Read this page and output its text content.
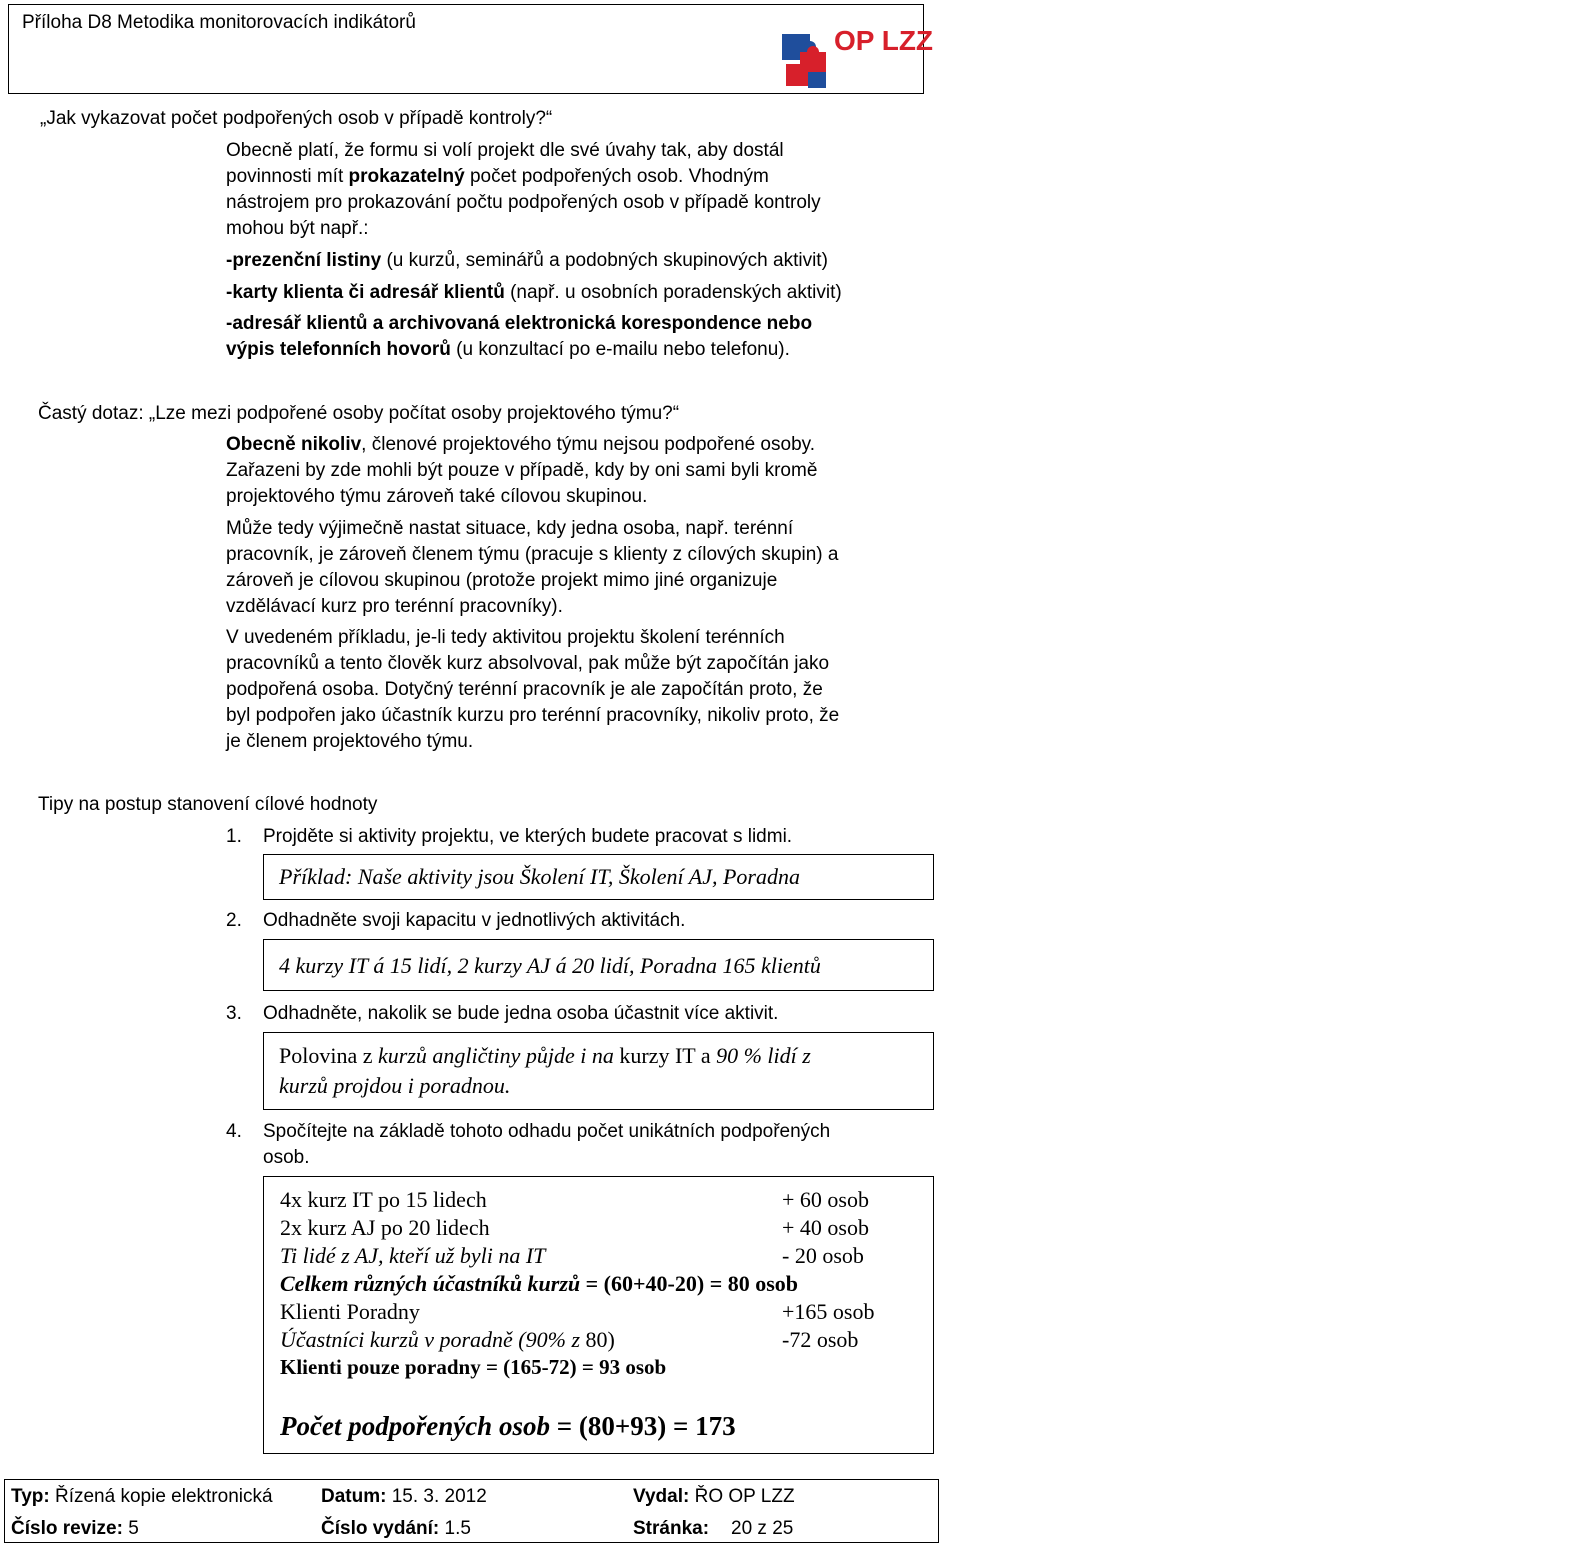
Příloha D8 Metodika monitorovacích indikátorů
OP LZZ
„Jak vykazovat počet podpořených osob v případě kontroly?“
Obecně platí, že formu si volí projekt dle své úvahy tak, aby dostál
povinnosti mít prokazatelný počet podpořených osob. Vhodným
nástrojem pro prokazování počtu podpořených osob v případě kontroly
mohou být např.:
-prezenční listiny (u kurzů, seminářů a podobných skupinových aktivit)
-karty klienta či adresář klientů (např. u osobních poradenských aktivit)
-adresář klientů a archivovaná elektronická korespondence nebo
výpis telefonních hovorů (u konzultací po e-mailu nebo telefonu).
Častý dotaz: „Lze mezi podpořené osoby počítat osoby projektového týmu?“
Obecně nikoliv, členové projektového týmu nejsou podpořené osoby.
Zařazeni by zde mohli být pouze v případě, kdy by oni sami byli kromě
projektového týmu zároveň také cílovou skupinou.
Může tedy výjimečně nastat situace, kdy jedna osoba, např. terénní
pracovník, je zároveň členem týmu (pracuje s klienty z cílových skupin) a
zároveň je cílovou skupinou (protože projekt mimo jiné organizuje
vzdělávací kurz pro terénní pracovníky).
V uvedeném příkladu, je-li tedy aktivitou projektu školení terénních
pracovníků a tento člověk kurz absolvoval, pak může být započítán jako
podpořená osoba. Dotyčný terénní pracovník je ale započítán proto, že
byl podpořen jako účastník kurzu pro terénní pracovníky, nikoliv proto, že
je členem projektového týmu.
Tipy na postup stanovení cílové hodnoty
1.	Projděte si aktivity projektu, ve kterých budete pracovat s lidmi.
Příklad: Naše aktivity jsou Školení IT, Školení AJ, Poradna
2.	Odhadněte svoji kapacitu v jednotlivých aktivitách.
4 kurzy IT á 15 lidí, 2 kurzy AJ á 20 lidí, Poradna 165 klientů
3.	Odhadněte, nakolik se bude jedna osoba účastnit více aktivit.
Polovina z kurzů angličtiny půjde i na kurzy IT a 90 % lidí z
kurzů projdou i poradnou.
4.	Spočítejte na základě tohoto odhadu počet unikátních podpořených
osob.
4x kurz IT po 15 lidech	+ 60 osob
2x kurz AJ po 20 lidech	+ 40 osob
Ti lidé z AJ, kteří už byli na IT	- 20 osob
Celkem různých účastníků kurzů = (60+40-20) = 80 osob
Klienti Poradny	+165 osob
Účastníci kurzů v poradně (90% z 80)	-72 osob
Klienti pouze poradny = (165-72) = 93 osob
Počet podpořených osob = (80+93) = 173
Typ: Řízená kopie elektronická	Datum: 15. 3. 2012	Vydal: ŘO OP LZZ
Číslo revize: 5	Číslo vydání: 1.5	Stránka: 20 z 25
